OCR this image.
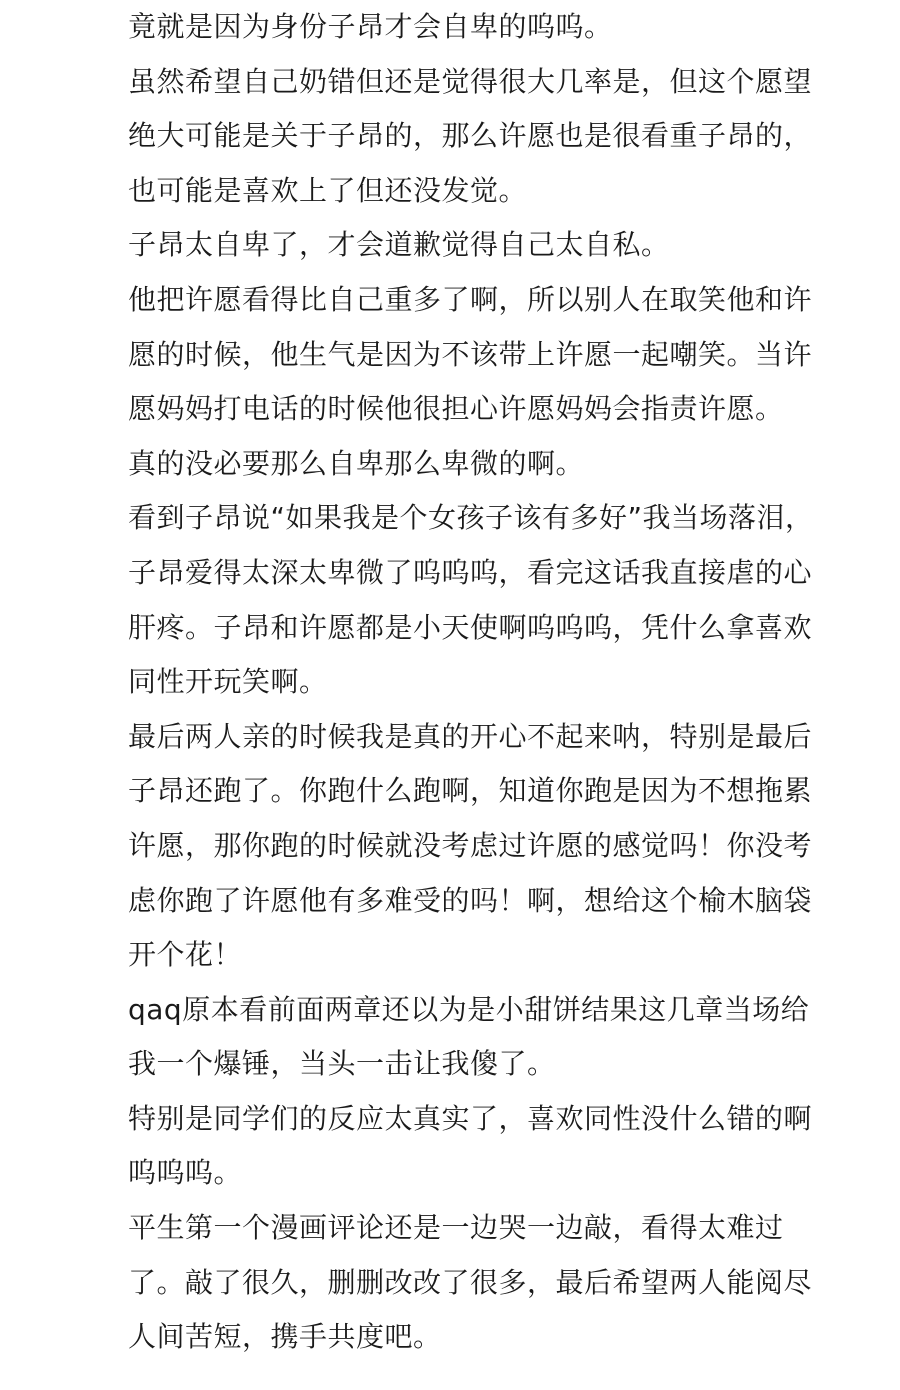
竟就是因为身份子昂才会自卑的呜呜。
虽然希望自己奶错但还是觉得很大几率是，但这个愿望
绝大可能是关于子昂的，那么许愿也是很看重子昂的，
也可能是喜欢上了但还没发觉。
子昂太自卑了，才会道歉觉得自己太自私。
他把许愿看得比自己重多了啊，所以别人在取笑他和许
愿的时候，他生气是因为不该带上许愿一起嘲笑。当许
愿妈妈打电话的时候他很担心许愿妈妈会指责许愿。
真的没必要那么自卑那么卑微的啊。
看到子昂说“如果我是个女孩子该有多好”我当场落泪，
子昂爱得太深太卑微了呜呜呜，看完这话我直接虐的心
肝疼。子昂和许愿都是小天使啊呜呜呜，凭什么拿喜欢
同性开玩笑啊。
最后两人亲的时候我是真的开心不起来呐，特别是最后
子昂还跑了。你跑什么跑啊，知道你跑是因为不想拖累
许愿，那你跑的时候就没考虑过许愿的感觉吗！你没考
虑你跑了许愿他有多难受的吗！啊，想给这个榆木脑袋
开个花！
qaq原本看前面两章还以为是小甜饼结果这几章当场给
我一个爆锤，当头一击让我傻了。
特别是同学们的反应太真实了，喜欢同性没什么错的啊
呜呜呜。
平生第一个漫画评论还是一边哭一边敲，看得太难过
了。敲了很久，删删改改了很多，最后希望两人能阅尽
人间苦短，携手共度吧。
